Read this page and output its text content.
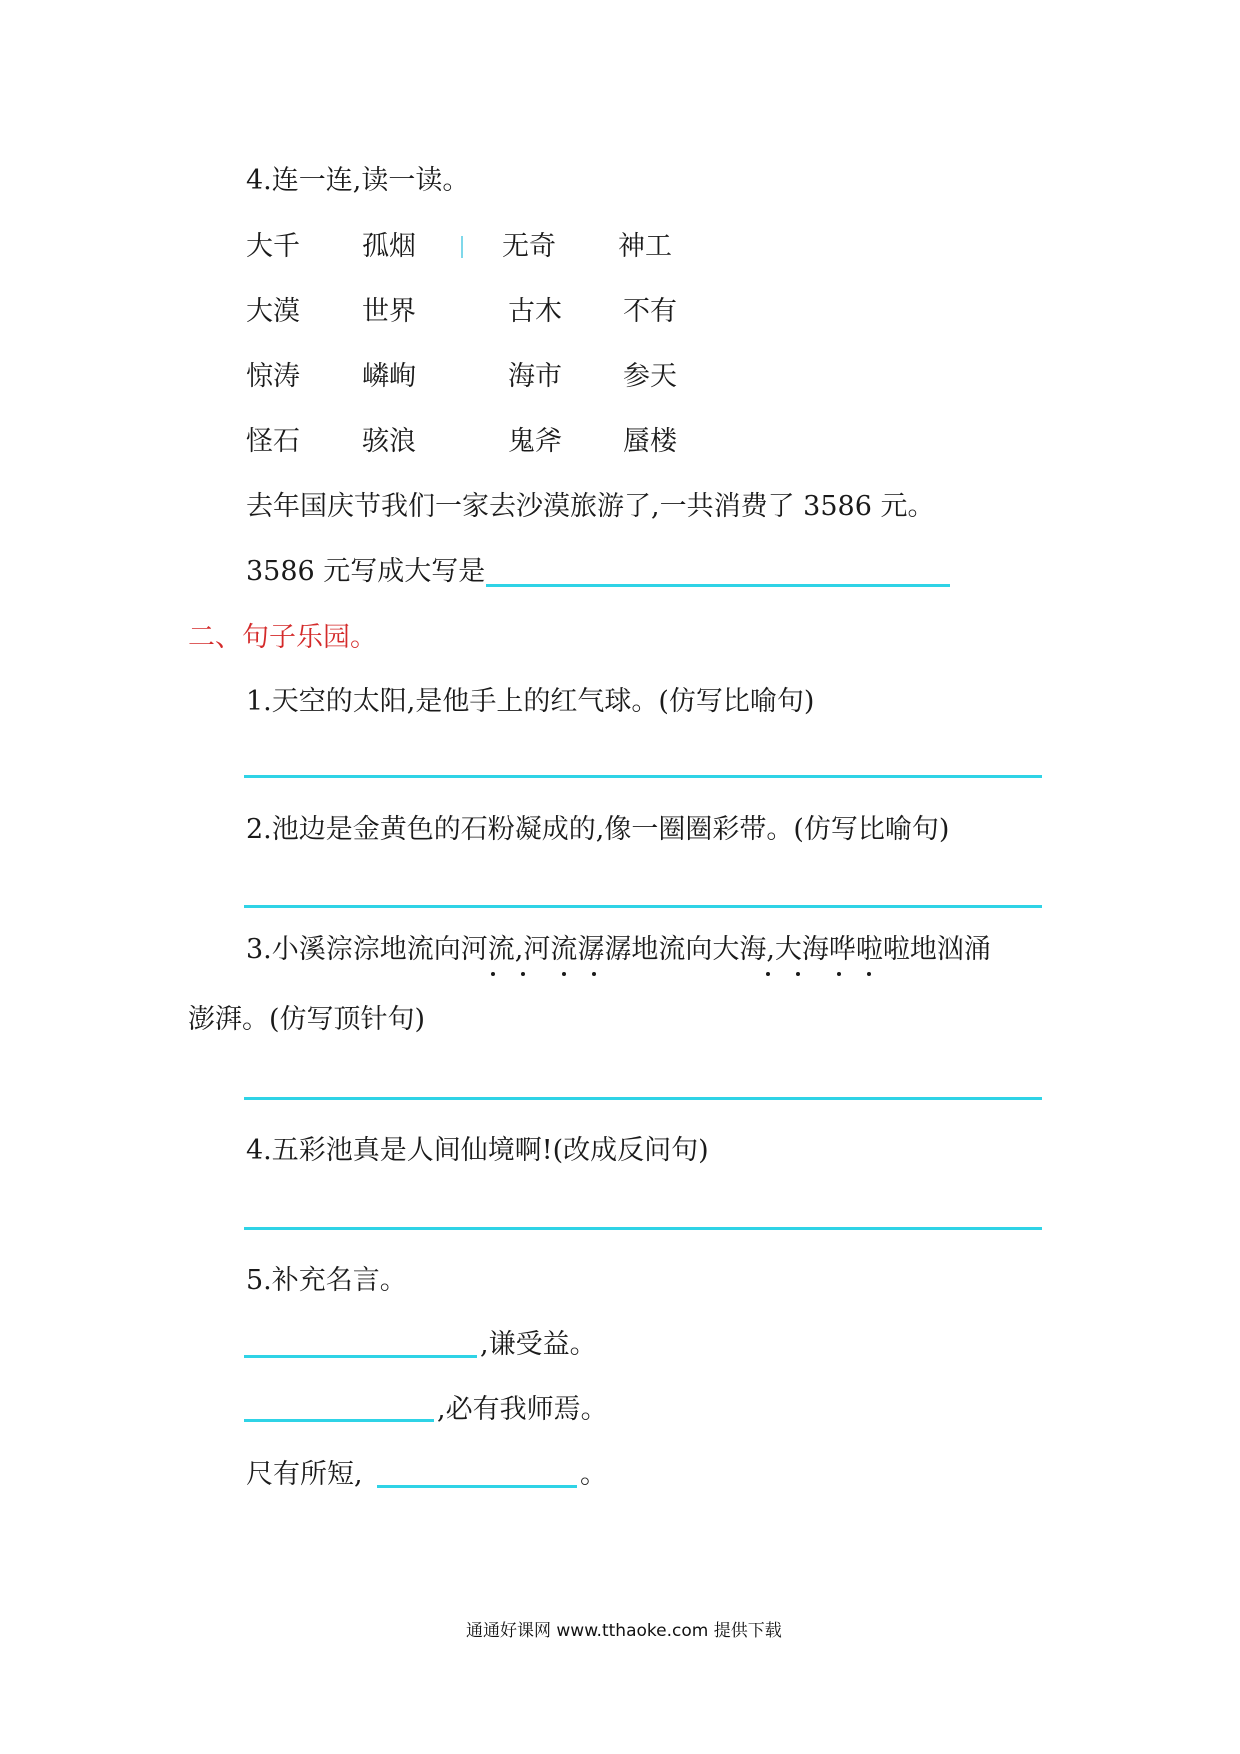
4.连一连,读一读。
大千 孤烟	无奇 神工
大漠 世界	古木 不有
惊涛 嶙峋	海市 参天
怪石 骇浪	鬼斧 蜃楼
去年国庆节我们一家去沙漠旅游了,一共消费了 3586 元。
3586 元写成大写是
二、句子乐园。
1.天空的太阳,是他手上的红气球。(仿写比喻句)
2.池边是金黄色的石粉凝成的,像一圈圈彩带。(仿写比喻句)
3.小溪淙淙地流向河流,河流潺潺地流向大海,大海哗啦啦地汹涌
澎湃。(仿写顶针句)
4.五彩池真是人间仙境啊!(改成反问句)
5.补充名言。
,谦受益。
,必有我师焉。
尺有所短,	。
通通好课网 www.tthaoke.com 提供下载
